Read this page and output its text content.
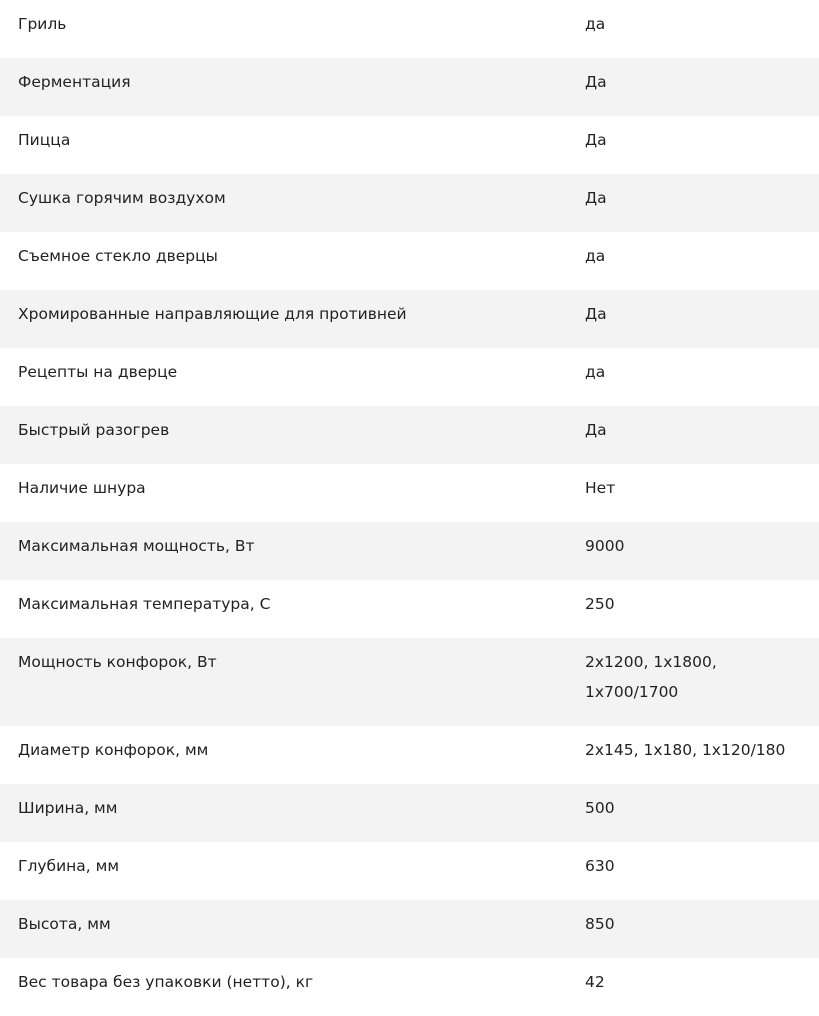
Гриль	да
Ферментация	Да
Пицца	Да
Сушка горячим воздухом	Да
Съемное стекло дверцы	да
Хромированные направляющие для противней	Да
Рецепты на дверце	да
Быстрый разогрев	Да
Наличие шнура	Нет
Максимальная мощность, Вт	9000
Максимальная температура, С	250
Мощность конфорок, Вт	2x1200, 1x1800, 1x700/1700
Диаметр конфорок, мм	2x145, 1x180, 1x120/180
Ширина, мм	500
Глубина, мм	630
Высота, мм	850
Вес товара без упаковки (нетто), кг	42
